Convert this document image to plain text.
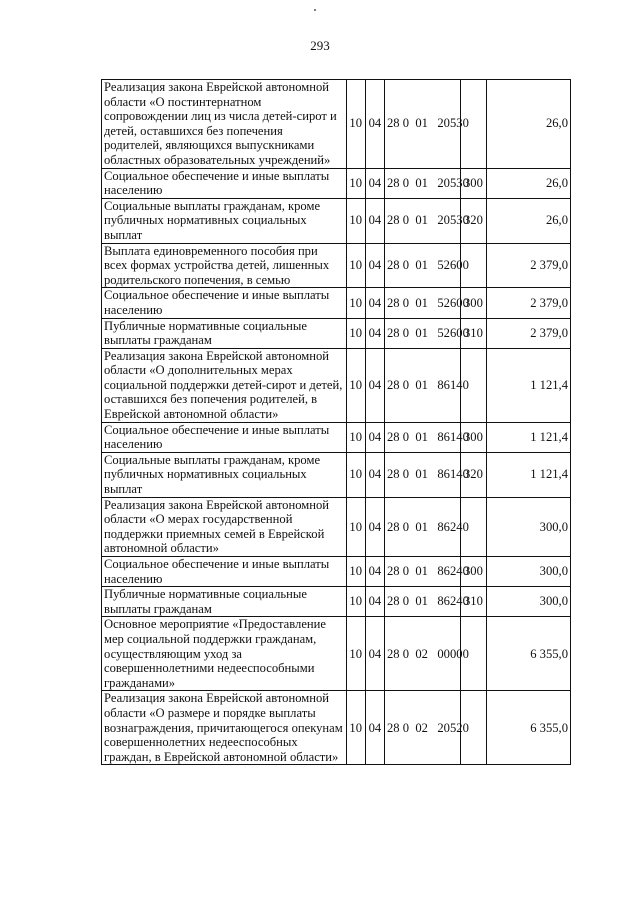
293
Реализация закона Еврейской автономной области «О постинтернатном сопровождении лиц из числа детей-сирот и детей, оставшихся без попечения родителей, являющихся выпускниками областных образовательных учреждений»	10	04	28 0  01   20530		26,0
Социальное обеспечение и иные выплаты населению	10	04	28 0  01   20530	300	26,0
Социальные выплаты гражданам, кроме публичных нормативных социальных выплат	10	04	28 0  01   20530	320	26,0
Выплата единовременного пособия при всех формах устройства детей, лишенных родительского попечения, в семью	10	04	28 0  01   52600		2 379,0
Социальное обеспечение и иные выплаты населению	10	04	28 0  01   52600	300	2 379,0
Публичные нормативные социальные выплаты гражданам	10	04	28 0  01   52600	310	2 379,0
Реализация закона Еврейской автономной области «О дополнительных мерах социальной поддержки детей-сирот и детей, оставшихся без попечения родителей, в Еврейской автономной области»	10	04	28 0  01   86140		1 121,4
Социальное обеспечение и иные выплаты населению	10	04	28 0  01   86140	300	1 121,4
Социальные выплаты гражданам, кроме публичных нормативных социальных выплат	10	04	28 0  01   86140	320	1 121,4
Реализация закона Еврейской автономной области «О мерах государственной поддержки приемных семей в Еврейской автономной области»	10	04	28 0  01   86240		300,0
Социальное обеспечение и иные выплаты населению	10	04	28 0  01   86240	300	300,0
Публичные нормативные социальные выплаты гражданам	10	04	28 0  01   86240	310	300,0
Основное мероприятие «Предоставление мер социальной поддержки гражданам, осуществляющим уход за совершеннолетними недееспособными гражданами»	10	04	28 0  02   00000		6 355,0
Реализация закона Еврейской автономной области «О размере и порядке выплаты вознаграждения, причитающегося опекунам совершеннолетних недееспособных граждан, в Еврейской автономной области»	10	04	28 0  02   20520		6 355,0
